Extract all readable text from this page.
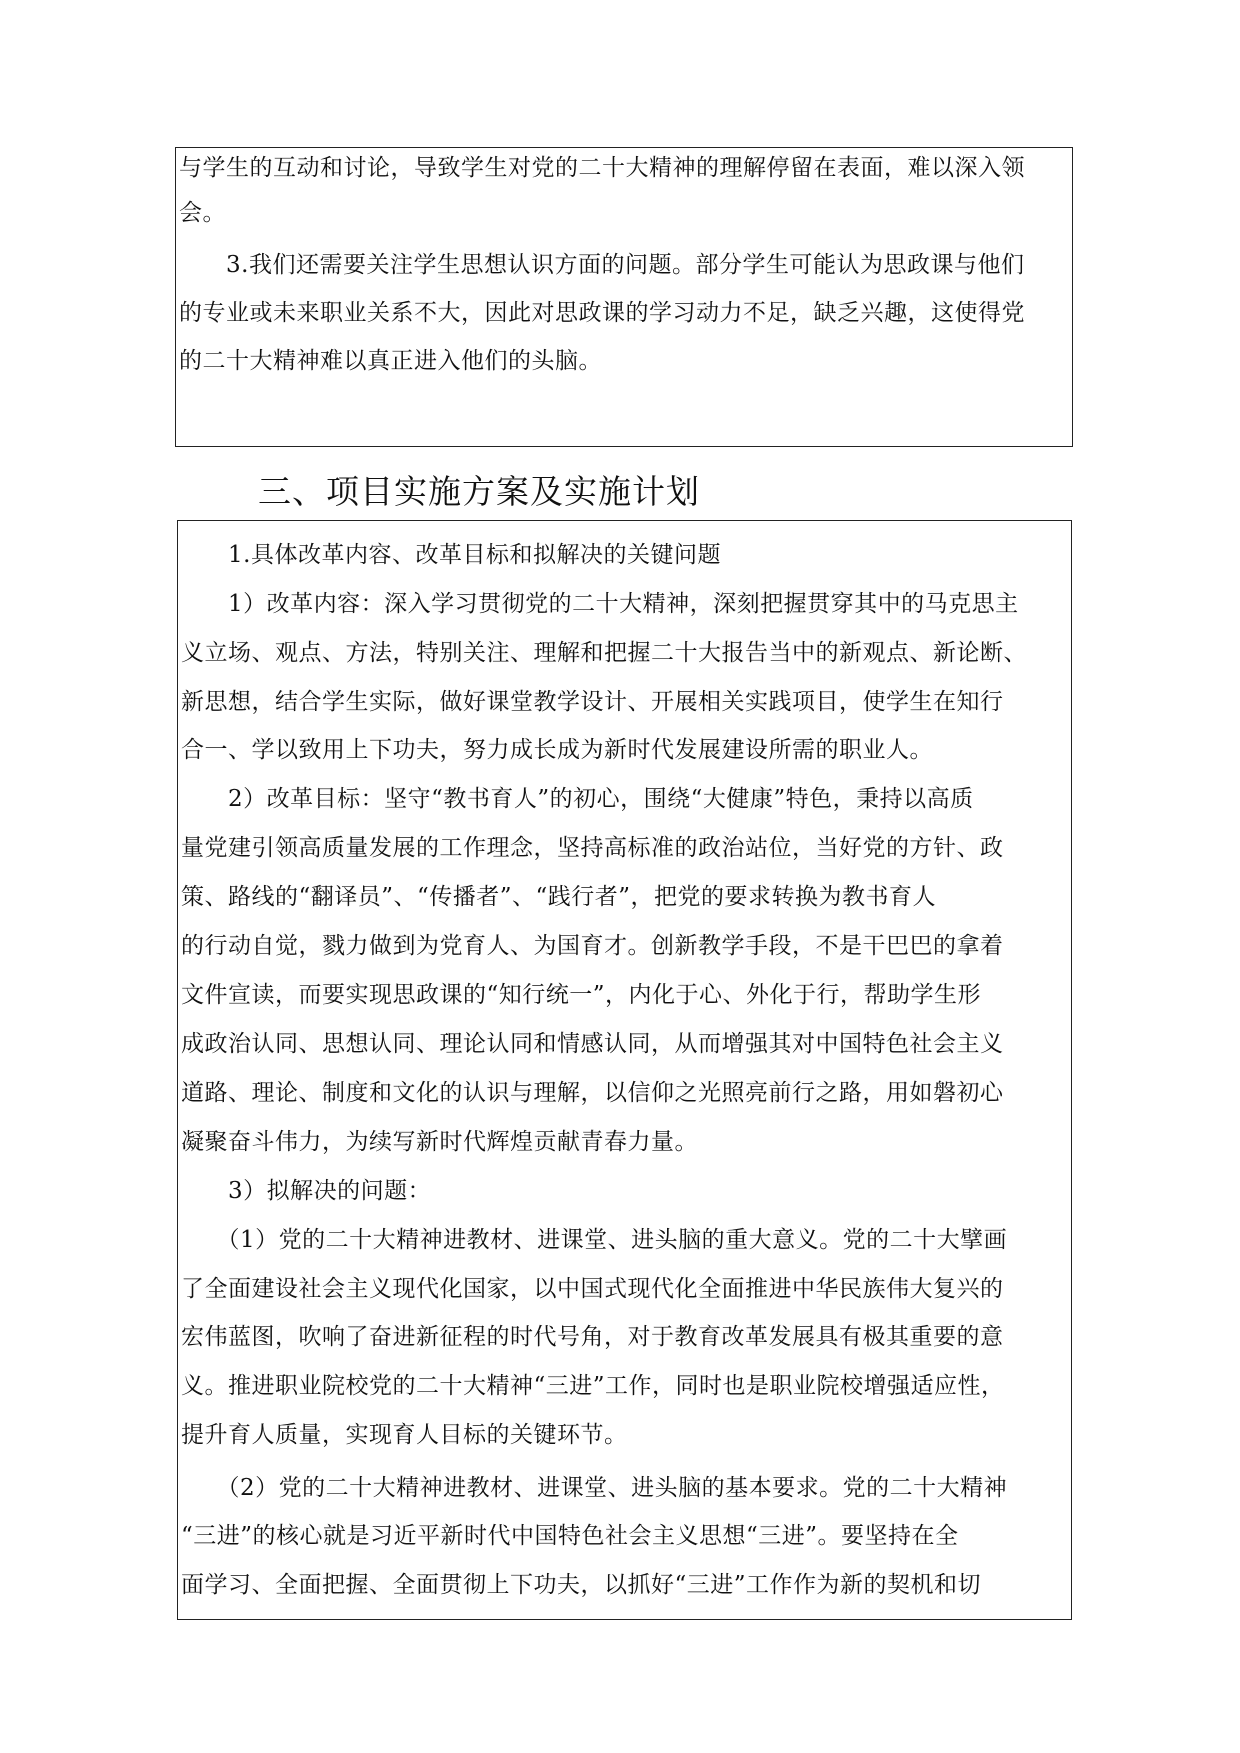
与学生的互动和讨论，导致学生对党的二十大精神的理解停留在表面，难以深入领
会。
　　3.我们还需要关注学生思想认识方面的问题。部分学生可能认为思政课与他们
的专业或未来职业关系不大，因此对思政课的学习动力不足，缺乏兴趣，这使得党
的二十大精神难以真正进入他们的头脑。
三、项目实施方案及实施计划
　　1.具体改革内容、改革目标和拟解决的关键问题
　　1）改革内容：深入学习贯彻党的二十大精神，深刻把握贯穿其中的马克思主
义立场、观点、方法，特别关注、理解和把握二十大报告当中的新观点、新论断、
新思想，结合学生实际，做好课堂教学设计、开展相关实践项目，使学生在知行
合一、学以致用上下功夫，努力成长成为新时代发展建设所需的职业人。
　　2）改革目标：坚守“教书育人”的初心，围绕“大健康”特色，秉持以高质
量党建引领高质量发展的工作理念，坚持高标准的政治站位，当好党的方针、政
策、路线的“翻译员”、“传播者”、“践行者”，把党的要求转换为教书育人
的行动自觉，戮力做到为党育人、为国育才。创新教学手段，不是干巴巴的拿着
文件宣读，而要实现思政课的“知行统一”，内化于心、外化于行，帮助学生形
成政治认同、思想认同、理论认同和情感认同，从而增强其对中国特色社会主义
道路、理论、制度和文化的认识与理解，以信仰之光照亮前行之路，用如磐初心
凝聚奋斗伟力，为续写新时代辉煌贡献青春力量。
　　3）拟解决的问题：
　　（1）党的二十大精神进教材、进课堂、进头脑的重大意义。党的二十大擘画
了全面建设社会主义现代化国家，以中国式现代化全面推进中华民族伟大复兴的
宏伟蓝图，吹响了奋进新征程的时代号角，对于教育改革发展具有极其重要的意
义。推进职业院校党的二十大精神“三进”工作，同时也是职业院校增强适应性，
提升育人质量，实现育人目标的关键环节。
　　（2）党的二十大精神进教材、进课堂、进头脑的基本要求。党的二十大精神
“三进”的核心就是习近平新时代中国特色社会主义思想“三进”。要坚持在全
面学习、全面把握、全面贯彻上下功夫，以抓好“三进”工作作为新的契机和切
